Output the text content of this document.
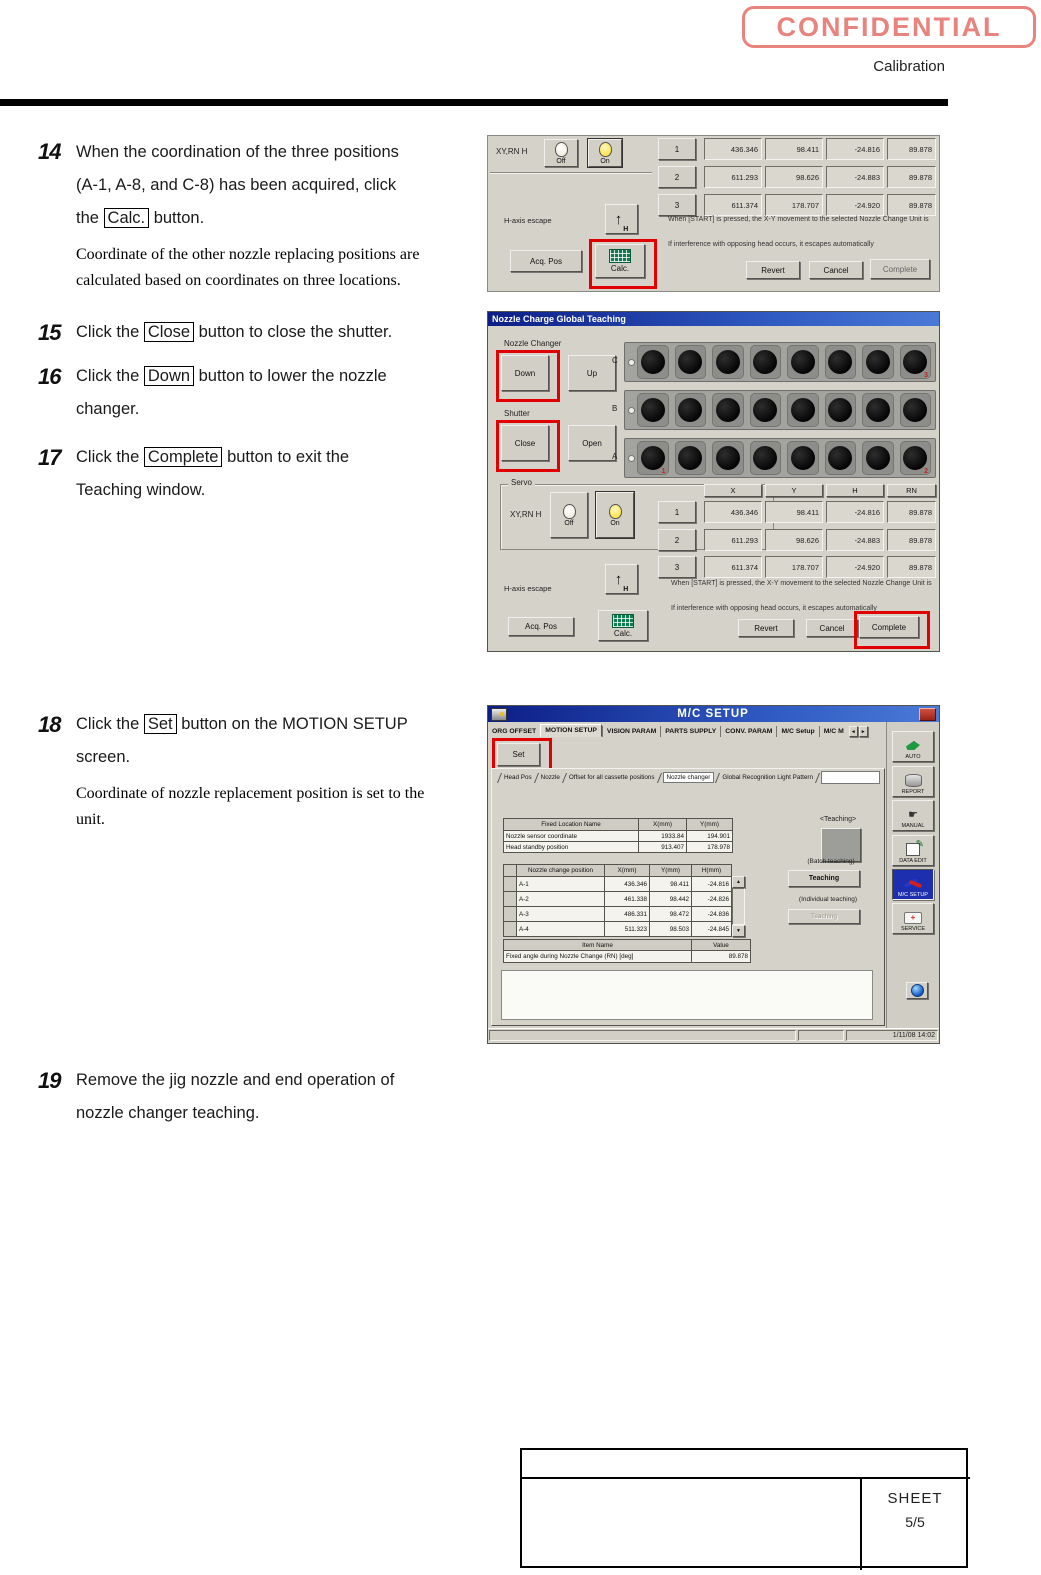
CONFIDENTIAL
Calibration
14 When the coordination of the three positions
(A-1, A-8, and C-8) has been acquired, click
the Calc. button.
Coordinate of the other nozzle replacing positions are
calculated based on coordinates on three locations.
15 Click the Close button to close the shutter.
16 Click the Down button to lower the nozzle
changer.
17 Click the Complete button to exit the
Teaching window.
18 Click the Set button on the MOTION SETUP
screen.
Coordinate of nozzle replacement position is set to the
unit.
19 Remove the jig nozzle and end operation of
nozzle changer teaching.
XY,RN H
Off	On
1	436.346	98.411	-24.816	89.878
2	611.293	98.626	-24.883	89.878
3	611.374	178.707	-24.920	89.878
H-axis escape	↑
H
When [START] is pressed, the X-Y movement to the selected Nozzle Change Unit is
If interference with opposing head occurs, it escapes automatically
Acq. Pos
Calc.	Revert	Cancel	Complete
Nozzle Charge Global Teaching
Nozzle Changer
Down	Up
Shutter
Close	Open
C
3
B
A
1	2
Servo
XY,RN H
Off	On
X	Y	H	RN
1	436.346	98.411	-24.816	89.878
2	611.293	98.626	-24.883	89.878
3	611.374	178.707	-24.920	89.878
H-axis escape
↑
H
When [START] is pressed, the X-Y movement to the selected Nozzle Change Unit is
If interference with opposing head occurs, it escapes automatically
Acq. Pos
Calc.
Revert	Cancel	Complete
M/C SETUP
ORG OFFSET	MOTION SETUP	VISION PARAM	PARTS SUPPLY	CONV. PARAM	M/C Setup	M/C M	◄	►
Set
Head Pos Nozzle Offset for all cassette positions	Nozzle changer	Global Recognition Light Pattern
Fixed Location Name	X(mm)	Y(mm)
Nozzle sensor coordinate	1933.84	194.901
Head standby position	913.407	178.978
<Teaching>
Nozzle change position	X(mm)	Y(mm)	H(mm)
A-1	436.346	98.411	-24.816
A-2	461.338	98.442	-24.826
A-3	486.331	98.472	-24.836
A-4	511.323	98.503	-24.845
▲
▼
(Batch teaching)
Teaching
(Individual teaching)
Teaching
Item Name	Value
Fixed angle during Nozzle Change (RN) [deg]	89.878
AUTO
REPORT
☛
MANUAL
✎
DATA EDIT
M/C SETUP
+
SERVICE
1/11/08 14:02
SHEET
5/5
